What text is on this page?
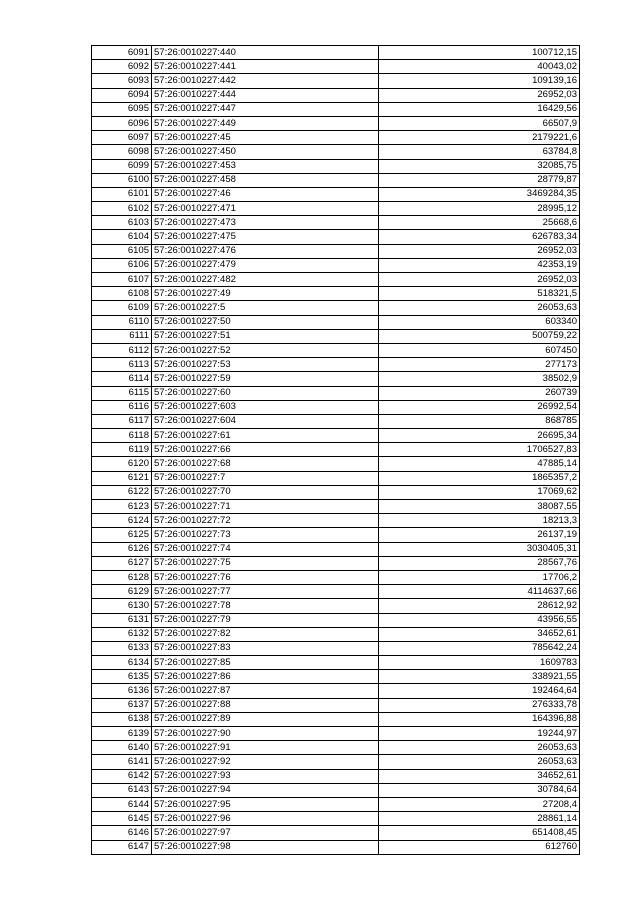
6091	57:26:0010227:440	100712,15
6092	57:26:0010227:441	40043,02
6093	57:26:0010227:442	109139,16
6094	57:26:0010227:444	26952,03
6095	57:26:0010227:447	16429,56
6096	57:26:0010227:449	66507,9
6097	57:26:0010227:45	2179221,6
6098	57:26:0010227:450	63784,8
6099	57:26:0010227:453	32085,75
6100	57:26:0010227:458	28779,87
6101	57:26:0010227:46	3469284,35
6102	57:26:0010227:471	28995,12
6103	57:26:0010227:473	25668,6
6104	57:26:0010227:475	626783,34
6105	57:26:0010227:476	26952,03
6106	57:26:0010227:479	42353,19
6107	57:26:0010227:482	26952,03
6108	57:26:0010227:49	518321,5
6109	57:26:0010227:5	26053,63
6110	57:26:0010227:50	603340
6111	57:26:0010227:51	500759,22
6112	57:26:0010227:52	607450
6113	57:26:0010227:53	277173
6114	57:26:0010227:59	38502,9
6115	57:26:0010227:60	260739
6116	57:26:0010227:603	26992,54
6117	57:26:0010227:604	868785
6118	57:26:0010227:61	26695,34
6119	57:26:0010227:66	1706527,83
6120	57:26:0010227:68	47885,14
6121	57:26:0010227:7	1865357,2
6122	57:26:0010227:70	17069,62
6123	57:26:0010227:71	38087,55
6124	57:26:0010227:72	18213,3
6125	57:26:0010227:73	26137,19
6126	57:26:0010227:74	3030405,31
6127	57:26:0010227:75	28567,76
6128	57:26:0010227:76	17706,2
6129	57:26:0010227:77	4114637,66
6130	57:26:0010227:78	28612,92
6131	57:26:0010227:79	43956,55
6132	57:26:0010227:82	34652,61
6133	57:26:0010227:83	785642,24
6134	57:26:0010227:85	1609783
6135	57:26:0010227:86	338921,55
6136	57:26:0010227:87	192464,64
6137	57:26:0010227:88	276333,78
6138	57:26:0010227:89	164396,88
6139	57:26:0010227:90	19244,97
6140	57:26:0010227:91	26053,63
6141	57:26:0010227:92	26053,63
6142	57:26:0010227:93	34652,61
6143	57:26:0010227:94	30784,64
6144	57:26:0010227:95	27208,4
6145	57:26:0010227:96	28861,14
6146	57:26:0010227:97	651408,45
6147	57:26:0010227:98	612760
